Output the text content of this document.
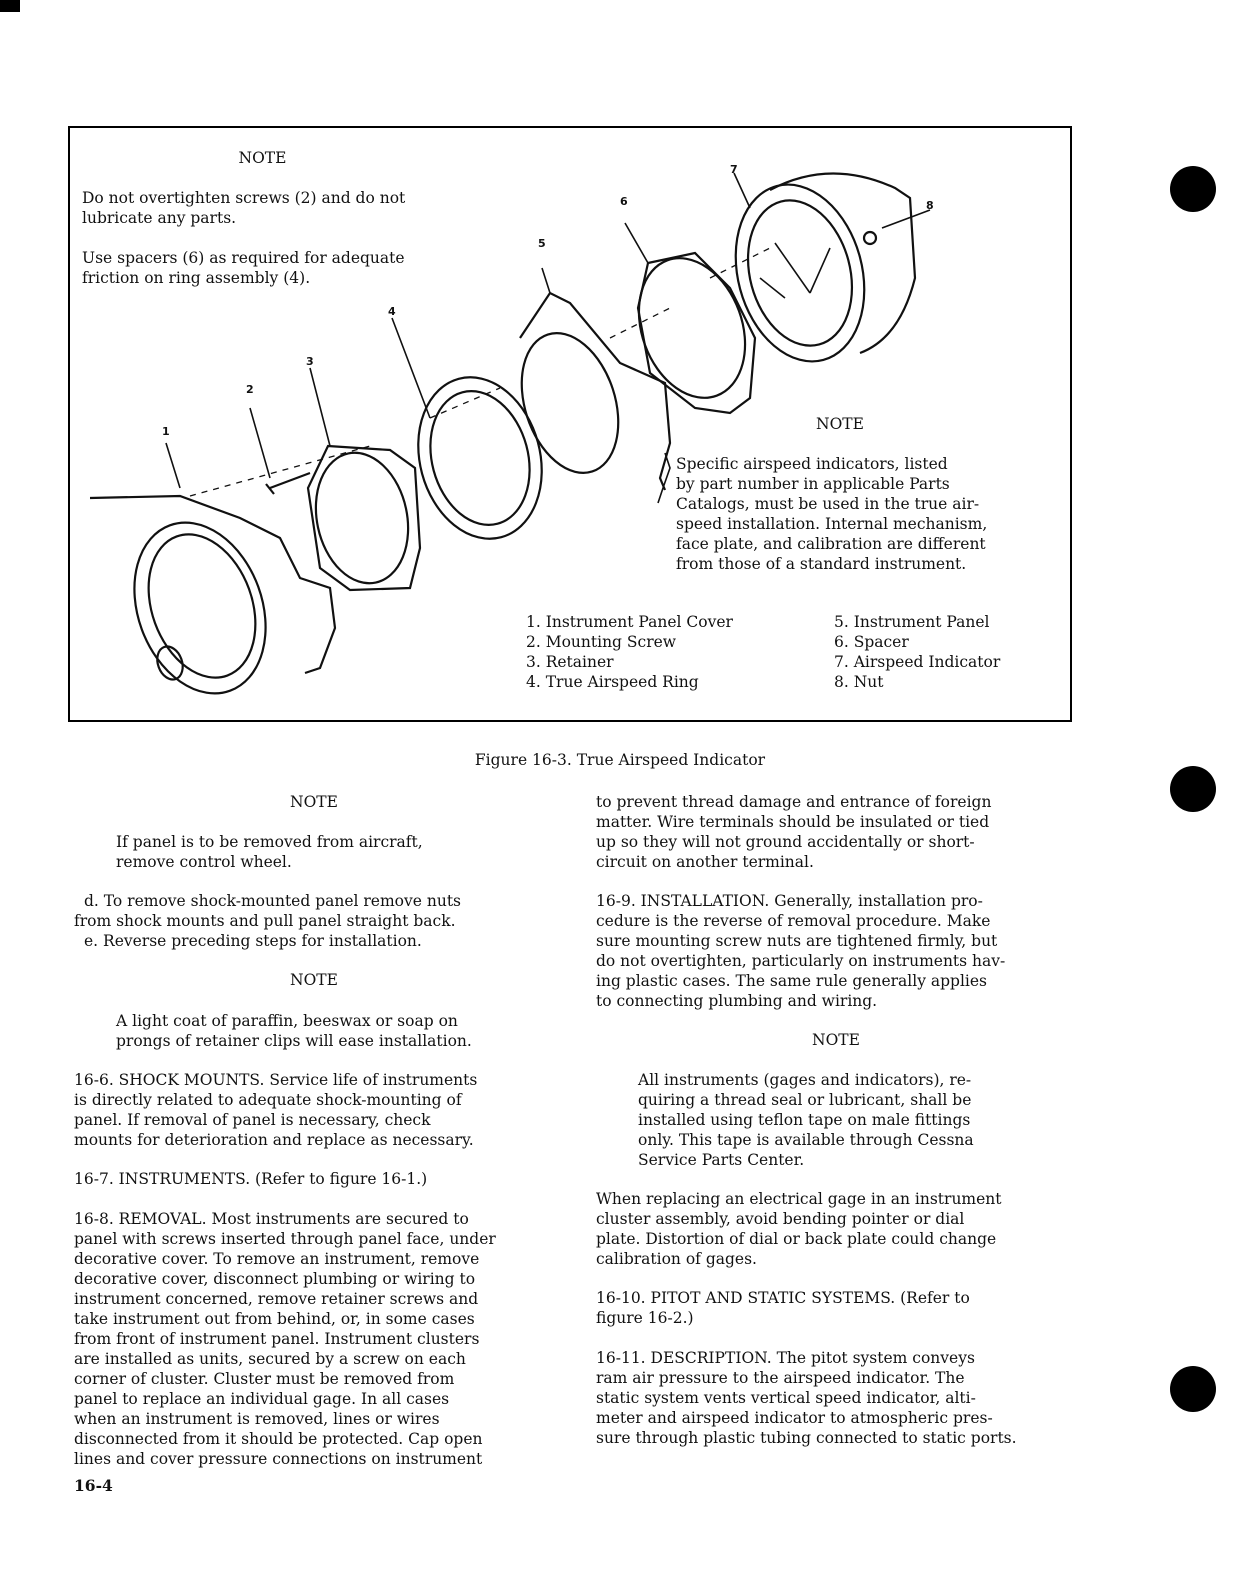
NOTE
Do not overtighten screws (2) and do not
lubricate any parts.
Use spacers (6) as required for adequate
friction on ring assembly (4).
1
2
3
4
5
6
7
8
NOTE
Specific airspeed indicators, listed
by part number in applicable Parts
Catalogs, must be used in the true air-
speed installation. Internal mechanism,
face plate, and calibration are different
from those of a standard instrument.
1. Instrument Panel Cover
2. Mounting Screw
3. Retainer
4. True Airspeed Ring
5. Instrument Panel
6. Spacer
7. Airspeed Indicator
8. Nut
Figure 16-3. True Airspeed Indicator
NOTE
If panel is to be removed from aircraft,
remove control wheel.
d. To remove shock-mounted panel remove nuts
from shock mounts and pull panel straight back.
e. Reverse preceding steps for installation.
NOTE
A light coat of paraffin, beeswax or soap on
prongs of retainer clips will ease installation.
16-6. SHOCK MOUNTS. Service life of instruments
is directly related to adequate shock-mounting of
panel. If removal of panel is necessary, check
mounts for deterioration and replace as necessary.
16-7. INSTRUMENTS. (Refer to figure 16-1.)
16-8. REMOVAL. Most instruments are secured to
panel with screws inserted through panel face, under
decorative cover. To remove an instrument, remove
decorative cover, disconnect plumbing or wiring to
instrument concerned, remove retainer screws and
take instrument out from behind, or, in some cases
from front of instrument panel. Instrument clusters
are installed as units, secured by a screw on each
corner of cluster. Cluster must be removed from
panel to replace an individual gage. In all cases
when an instrument is removed, lines or wires
disconnected from it should be protected. Cap open
lines and cover pressure connections on instrument
to prevent thread damage and entrance of foreign
matter. Wire terminals should be insulated or tied
up so they will not ground accidentally or short-
circuit on another terminal.
16-9. INSTALLATION. Generally, installation pro-
cedure is the reverse of removal procedure. Make
sure mounting screw nuts are tightened firmly, but
do not overtighten, particularly on instruments hav-
ing plastic cases. The same rule generally applies
to connecting plumbing and wiring.
NOTE
All instruments (gages and indicators), re-
quiring a thread seal or lubricant, shall be
installed using teflon tape on male fittings
only. This tape is available through Cessna
Service Parts Center.
When replacing an electrical gage in an instrument
cluster assembly, avoid bending pointer or dial
plate. Distortion of dial or back plate could change
calibration of gages.
16-10. PITOT AND STATIC SYSTEMS. (Refer to
figure 16-2.)
16-11. DESCRIPTION. The pitot system conveys
ram air pressure to the airspeed indicator. The
static system vents vertical speed indicator, alti-
meter and airspeed indicator to atmospheric pres-
sure through plastic tubing connected to static ports.
16-4
